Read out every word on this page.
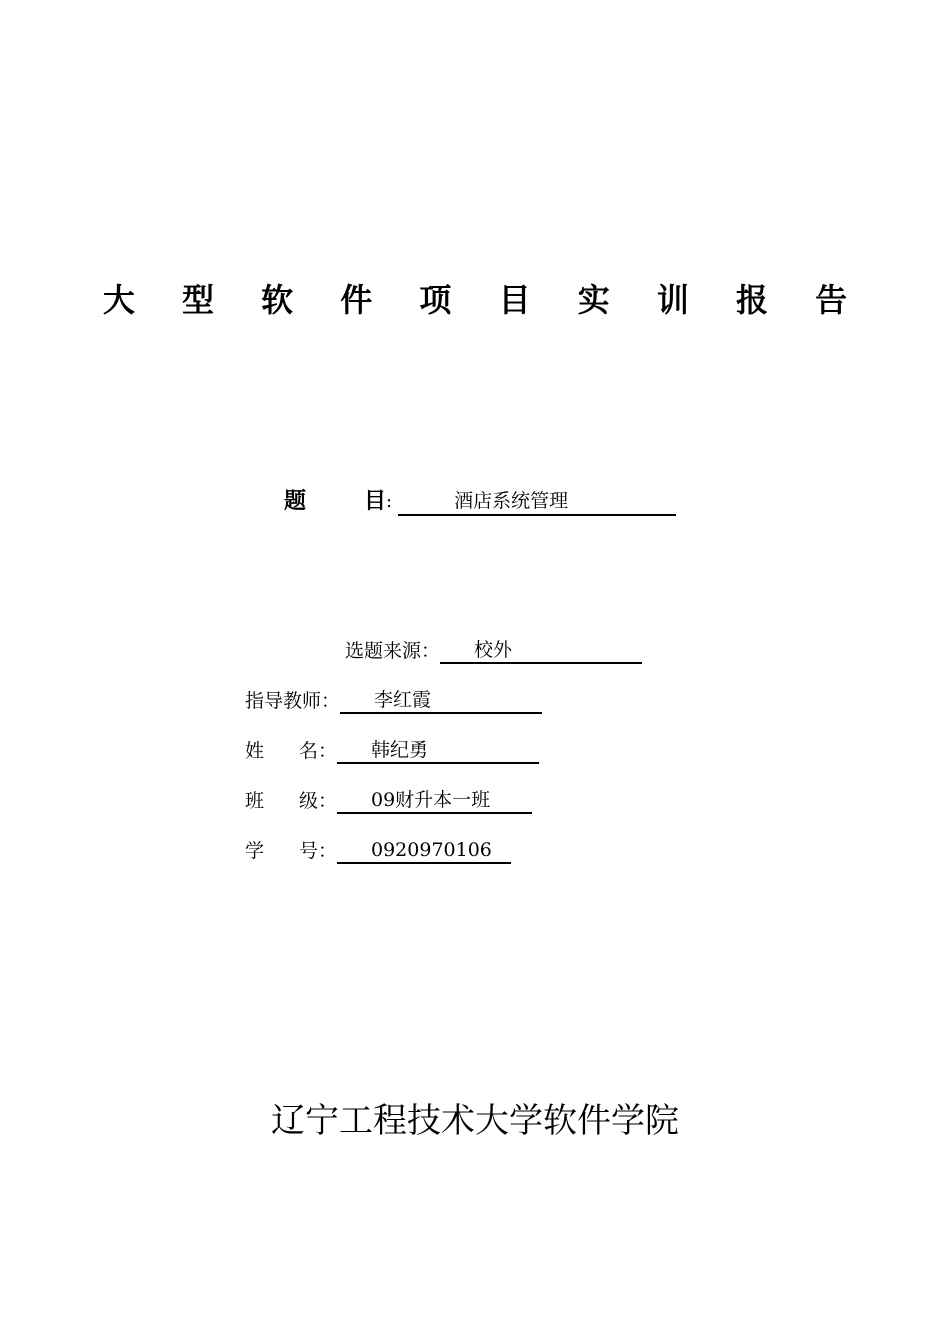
大 型 软 件 项 目 实 训 报 告
题	目 :	酒店系统管理
选题来源：	校外
指导教师：	李红霞
姓 名：	韩纪勇
班 级：	09财升本一班
学 号：	0920970106
辽宁工程技术大学软件学院
